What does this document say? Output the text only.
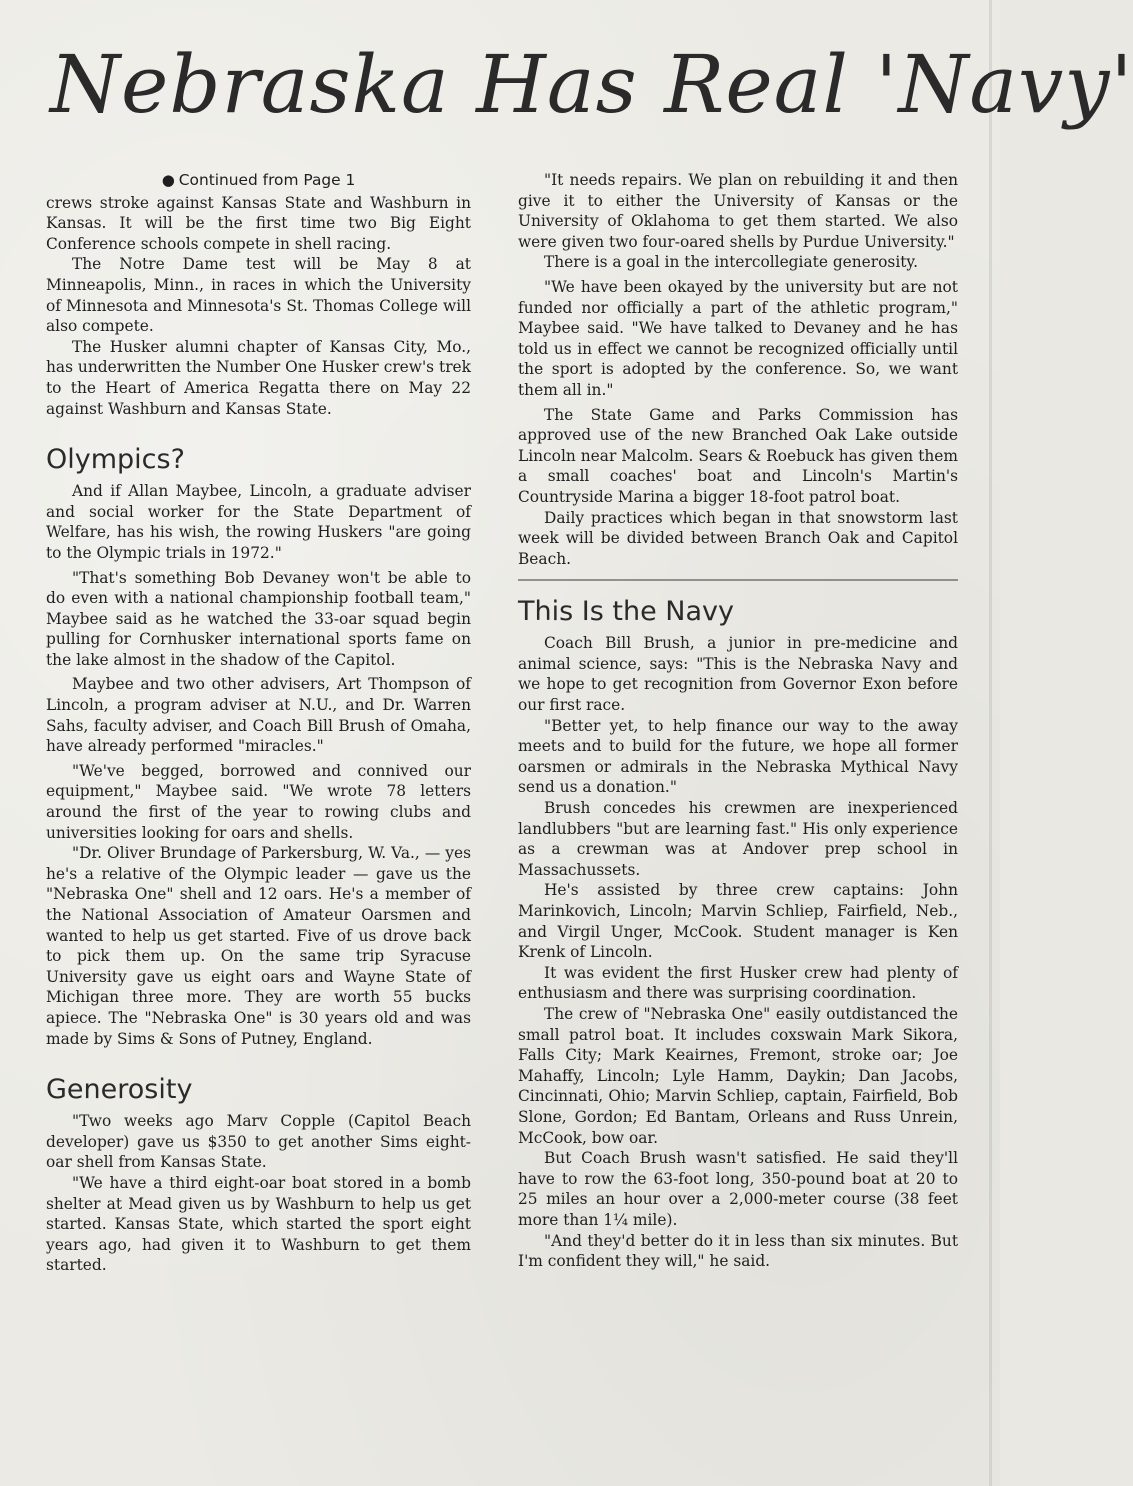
Nebraska Has Real 'Navy'
● Continued from Page 1

crews stroke against Kansas State and Washburn in Kansas. It will be the first time two Big Eight Conference schools compete in shell racing.

The Notre Dame test will be May 8 at Minneapolis, Minn., in races in which the University of Minnesota and Minnesota's St. Thomas College will also compete.

The Husker alumni chapter of Kansas City, Mo., has underwritten the Number One Husker crew's trek to the Heart of America Regatta there on May 22 against Washburn and Kansas State.

Olympics?

And if Allan Maybee, Lincoln, a graduate adviser and social worker for the State Department of Welfare, has his wish, the rowing Huskers "are going to the Olympic trials in 1972."

"That's something Bob Devaney won't be able to do even with a national championship football team," Maybee said as he watched the 33-oar squad begin pulling for Cornhusker international sports fame on the lake almost in the shadow of the Capitol.

Maybee and two other advisers, Art Thompson of Lincoln, a program adviser at N.U., and Dr. Warren Sahs, faculty adviser, and Coach Bill Brush of Omaha, have already performed "miracles."

"We've begged, borrowed and connived our equipment," Maybee said. "We wrote 78 letters around the first of the year to rowing clubs and universities looking for oars and shells.

"Dr. Oliver Brundage of Parkersburg, W. Va., — yes he's a relative of the Olympic leader — gave us the "Nebraska One" shell and 12 oars. He's a member of the National Association of Amateur Oarsmen and wanted to help us get started. Five of us drove back to pick them up. On the same trip Syracuse University gave us eight oars and Wayne State of Michigan three more. They are worth 55 bucks apiece. The "Nebraska One" is 30 years old and was made by Sims & Sons of Putney, England.

Generosity

"Two weeks ago Marv Copple (Capitol Beach developer) gave us $350 to get another Sims eight-oar shell from Kansas State.

"We have a third eight-oar boat stored in a bomb shelter at Mead given us by Washburn to help us get started. Kansas State, which started the sport eight years ago, had given it to Washburn to get them started.

"It needs repairs. We plan on rebuilding it and then give it to either the University of Kansas or the University of Oklahoma to get them started. We also were given two four-oared shells by Purdue University."

There is a goal in the intercollegiate generosity.

"We have been okayed by the university but are not funded nor officially a part of the athletic program," Maybee said. "We have talked to Devaney and he has told us in effect we cannot be recognized officially until the sport is adopted by the conference. So, we want them all in."

The State Game and Parks Commission has approved use of the new Branched Oak Lake outside Lincoln near Malcolm. Sears & Roebuck has given them a small coaches' boat and Lincoln's Martin's Countryside Marina a bigger 18-foot patrol boat.

Daily practices which began in that snowstorm last week will be divided between Branch Oak and Capitol Beach.

This Is the Navy

Coach Bill Brush, a junior in pre-medicine and animal science, says: "This is the Nebraska Navy and we hope to get recognition from Governor Exon before our first race.

"Better yet, to help finance our way to the away meets and to build for the future, we hope all former oarsmen or admirals in the Nebraska Mythical Navy send us a donation."

Brush concedes his crewmen are inexperienced landlubbers "but are learning fast." His only experience as a crewman was at Andover prep school in Massachussets.

He's assisted by three crew captains: John Marinkovich, Lincoln; Marvin Schliep, Fairfield, Neb., and Virgil Unger, McCook. Student manager is Ken Krenk of Lincoln.

It was evident the first Husker crew had plenty of enthusiasm and there was surprising coordination.

The crew of "Nebraska One" easily outdistanced the small patrol boat. It includes coxswain Mark Sikora, Falls City; Mark Keairnes, Fremont, stroke oar; Joe Mahaffy, Lincoln; Lyle Hamm, Daykin; Dan Jacobs, Cincinnati, Ohio; Marvin Schliep, captain, Fairfield, Bob Slone, Gordon; Ed Bantam, Orleans and Russ Unrein, McCook, bow oar.

But Coach Brush wasn't satisfied. He said they'll have to row the 63-foot long, 350-pound boat at 20 to 25 miles an hour over a 2,000-meter course (38 feet more than 1¼ mile).

"And they'd better do it in less than six minutes. But I'm confident they will," he said.
